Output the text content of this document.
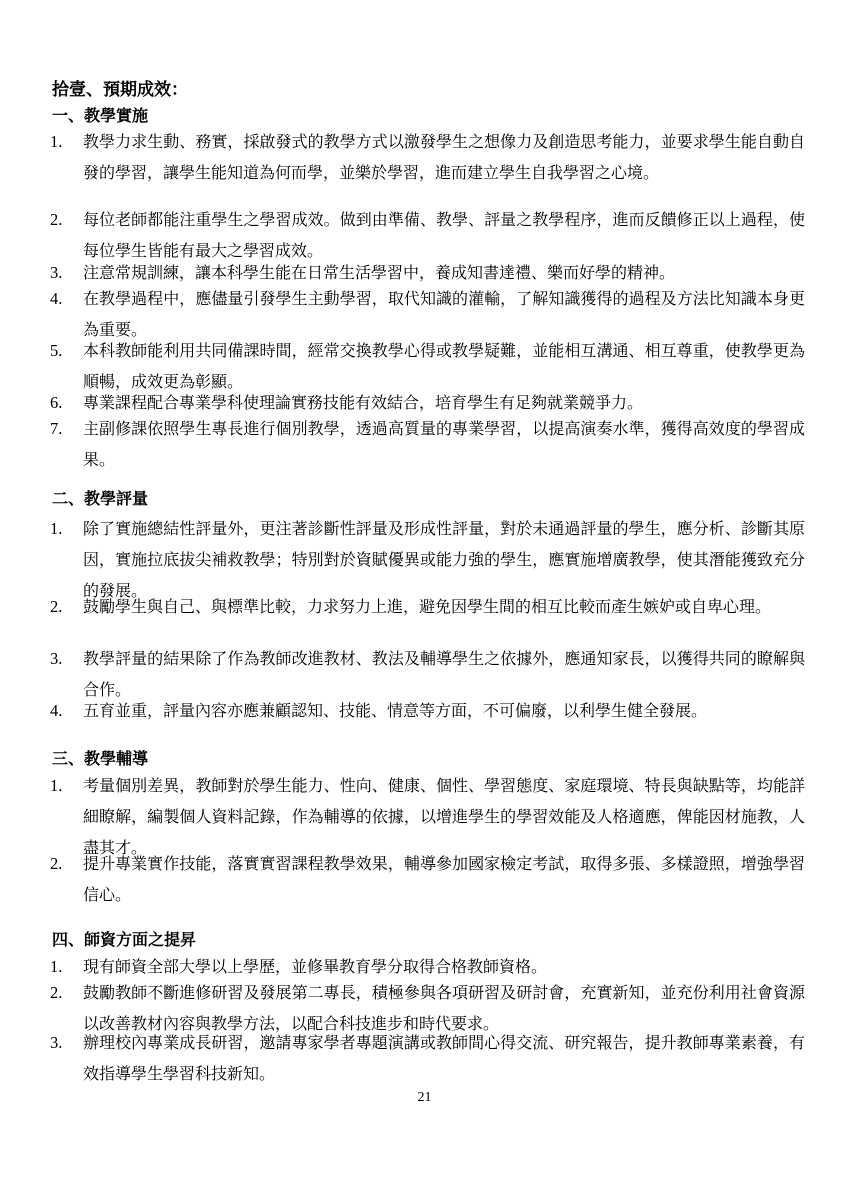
拾壹、預期成效：
一、教學實施
1.	教學力求生動、務實，採啟發式的教學方式以激發學生之想像力及創造思考能力，並要求學生能自動自發的學習，讓學生能知道為何而學，並樂於學習，進而建立學生自我學習之心境。
2.	每位老師都能注重學生之學習成效。做到由準備、教學、評量之教學程序，進而反饋修正以上過程，使每位學生皆能有最大之學習成效。
3.	注意常規訓練，讓本科學生能在日常生活學習中，養成知書達禮、樂而好學的精神。
4.	在教學過程中，應儘量引發學生主動學習，取代知識的灌輸，了解知識獲得的過程及方法比知識本身更為重要。
5.	本科教師能利用共同備課時間，經常交換教學心得或教學疑難，並能相互溝通、相互尊重，使教學更為順暢，成效更為彰顯。
6.	專業課程配合專業學科使理論實務技能有效結合，培育學生有足夠就業競爭力。
7.	主副修課依照學生專長進行個別教學，透過高質量的專業學習，以提高演奏水準，獲得高效度的學習成果。
二、教學評量
1.	除了實施總結性評量外，更注著診斷性評量及形成性評量，對於未通過評量的學生，應分析、診斷其原因，實施拉底拔尖補救教學；特別對於資賦優異或能力強的學生，應實施增廣教學，使其潛能獲致充分的發展。
2.	鼓勵學生與自己、與標準比較，力求努力上進，避免因學生間的相互比較而產生嫉妒或自卑心理。
3.	教學評量的結果除了作為教師改進教材、教法及輔導學生之依據外，應通知家長，以獲得共同的瞭解與合作。
4.	五育並重，評量內容亦應兼顧認知、技能、情意等方面，不可偏廢，以利學生健全發展。
三、教學輔導
1.	考量個別差異，教師對於學生能力、性向、健康、個性、學習態度、家庭環境、特長與缺點等，均能詳細瞭解，編製個人資料記錄，作為輔導的依據，以增進學生的學習效能及人格適應，俾能因材施教，人盡其才。
2.	提升專業實作技能，落實實習課程教學效果，輔導參加國家檢定考試，取得多張、多樣證照，增強學習信心。
四、師資方面之提昇
1.	現有師資全部大學以上學歷，並修畢教育學分取得合格教師資格。
2.	鼓勵教師不斷進修研習及發展第二專長，積極參與各項研習及研討會，充實新知，並充份利用社會資源以改善教材內容與教學方法，以配合科技進步和時代要求。
3.	辦理校內專業成長研習，邀請專家學者專題演講或教師間心得交流、研究報告，提升教師專業素養，有效指導學生學習科技新知。
21
